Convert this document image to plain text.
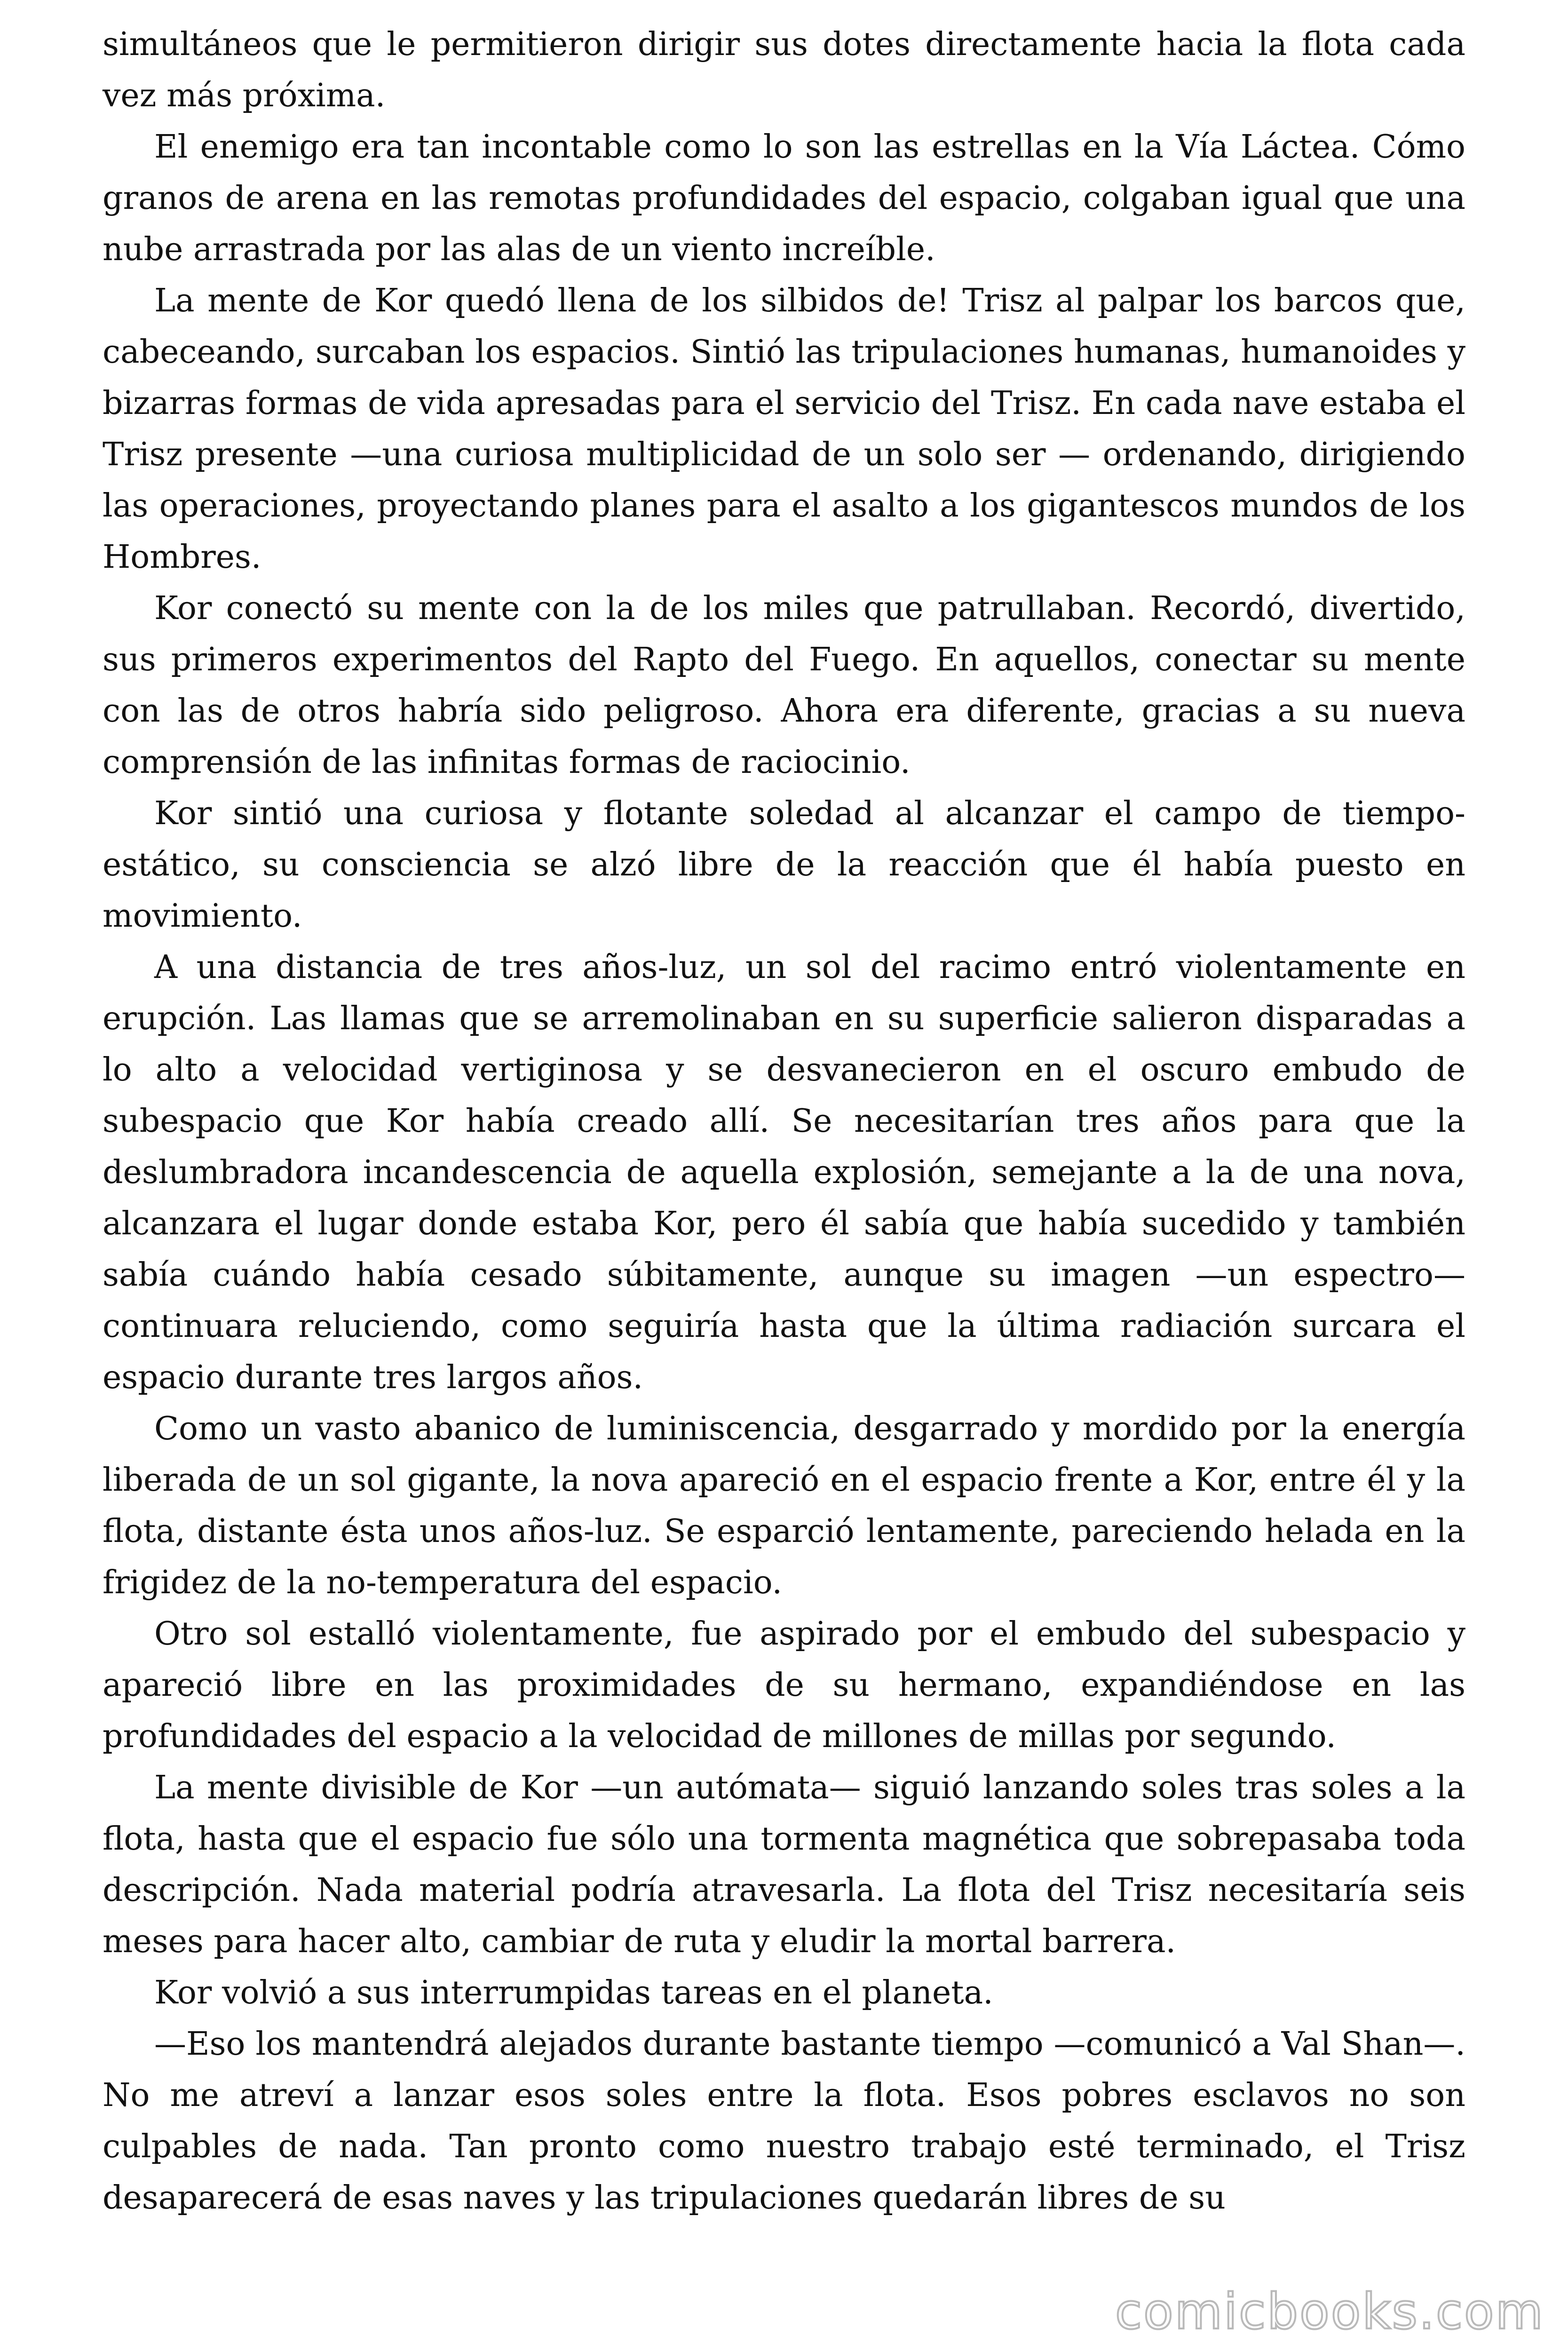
simultáneos que le permitieron dirigir sus dotes directamente hacia la flota cada vez más próxima.

El enemigo era tan incontable como lo son las estrellas en la Vía Láctea. Cómo granos de arena en las remotas profundidades del espacio, colgaban igual que una nube arrastrada por las alas de un viento increíble.

La mente de Kor quedó llena de los silbidos de! Trisz al palpar los barcos que, cabeceando, surcaban los espacios. Sintió las tripulaciones humanas, humanoides y bizarras formas de vida apresadas para el servicio del Trisz. En cada nave estaba el Trisz presente —una curiosa multiplicidad de un solo ser — ordenando, dirigiendo las operaciones, proyectando planes para el asalto a los gigantescos mundos de los Hombres.

Kor conectó su mente con la de los miles que patrullaban. Recordó, divertido, sus primeros experimentos del Rapto del Fuego. En aquellos, conectar su mente con las de otros habría sido peligroso. Ahora era diferente, gracias a su nueva comprensión de las infinitas formas de raciocinio.

Kor sintió una curiosa y flotante soledad al alcanzar el campo de tiempo-estático, su consciencia se alzó libre de la reacción que él había puesto en movimiento.

A una distancia de tres años-luz, un sol del racimo entró violentamente en erupción. Las llamas que se arremolinaban en su superficie salieron disparadas a lo alto a velocidad vertiginosa y se desvanecieron en el oscuro embudo de subespacio que Kor había creado allí. Se necesitarían tres años para que la deslumbradora incandescencia de aquella explosión, semejante a la de una nova, alcanzara el lugar donde estaba Kor, pero él sabía que había sucedido y también sabía cuándo había cesado súbitamente, aunque su imagen —un espectro— continuara reluciendo, como seguiría hasta que la última radiación surcara el espacio durante tres largos años.

Como un vasto abanico de luminiscencia, desgarrado y mordido por la energía liberada de un sol gigante, la nova apareció en el espacio frente a Kor, entre él y la flota, distante ésta unos años-luz. Se esparció lentamente, pareciendo helada en la frigidez de la no-temperatura del espacio.

Otro sol estalló violentamente, fue aspirado por el embudo del subespacio y apareció libre en las proximidades de su hermano, expandiéndose en las profundidades del espacio a la velocidad de millones de millas por segundo.

La mente divisible de Kor —un autómata— siguió lanzando soles tras soles a la flota, hasta que el espacio fue sólo una tormenta magnética que sobrepasaba toda descripción. Nada material podría atravesarla. La flota del Trisz necesitaría seis meses para hacer alto, cambiar de ruta y eludir la mortal barrera.

Kor volvió a sus interrumpidas tareas en el planeta.

—Eso los mantendrá alejados durante bastante tiempo —comunicó a Val Shan—. No me atreví a lanzar esos soles entre la flota. Esos pobres esclavos no son culpables de nada. Tan pronto como nuestro trabajo esté terminado, el Trisz desaparecerá de esas naves y las tripulaciones quedarán libres de su

comicbooks.com
